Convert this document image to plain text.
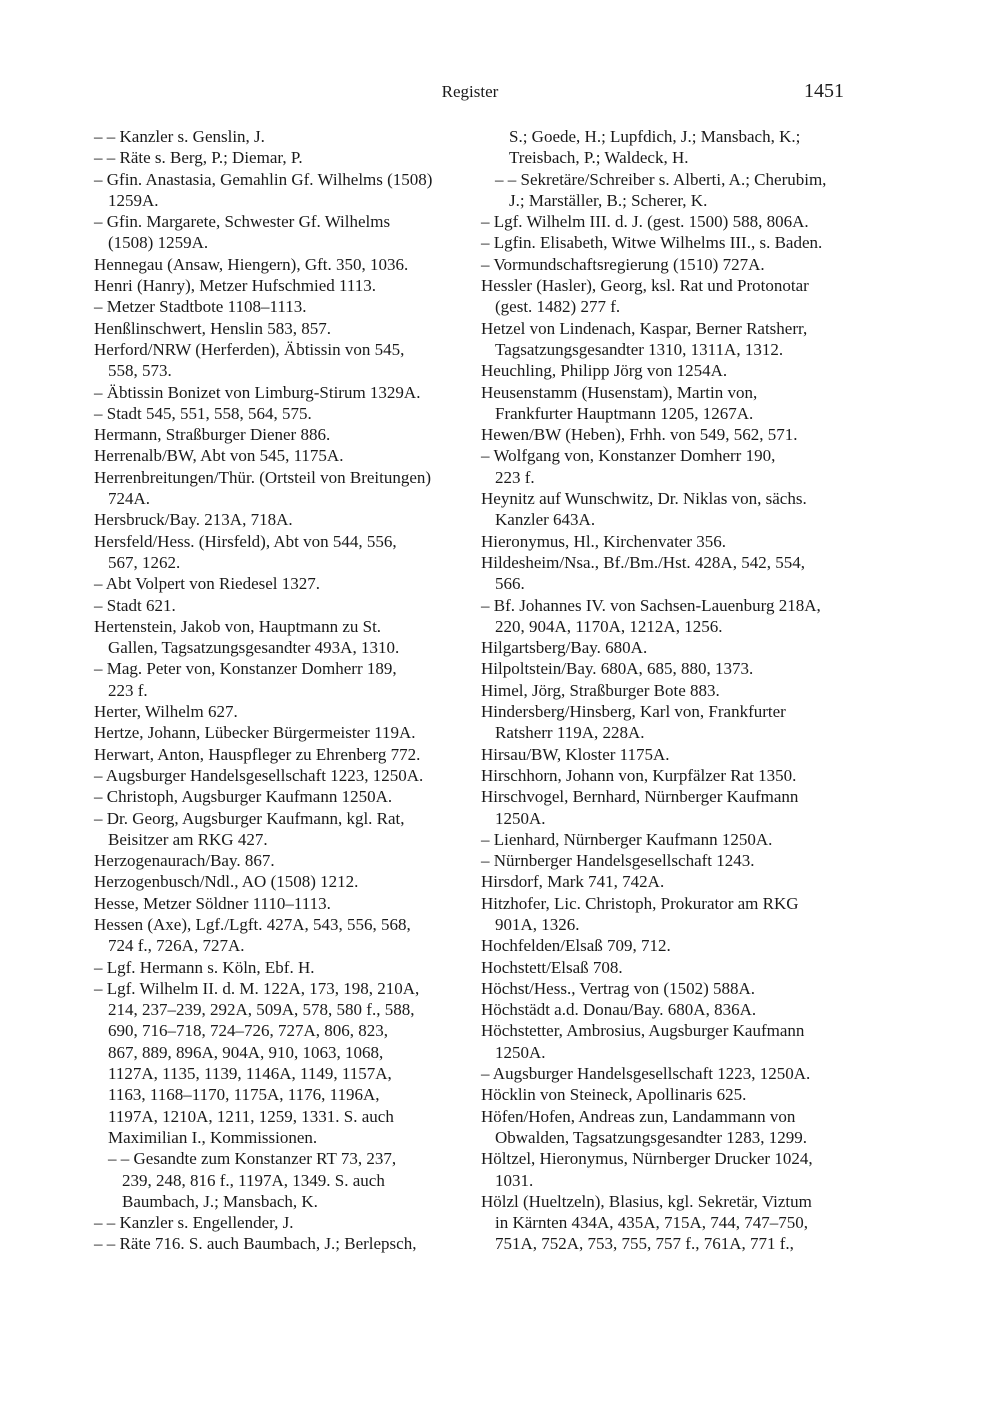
Register	1451
– – Kanzler s. Genslin, J.
– – Räte s. Berg, P.; Diemar, P.
– Gfin. Anastasia, Gemahlin Gf. Wilhelms (1508)
1259A.
– Gfin. Margarete, Schwester Gf. Wilhelms
(1508) 1259A.
Hennegau (Ansaw, Hiengern), Gft. 350, 1036.
Henri (Hanry), Metzer Hufschmied 1113.
– Metzer Stadtbote 1108–1113.
Henßlinschwert, Henslin 583, 857.
Herford/NRW (Herferden), Äbtissin von 545,
558, 573.
– Äbtissin Bonizet von Limburg-Stirum 1329A.
– Stadt 545, 551, 558, 564, 575.
Hermann, Straßburger Diener 886.
Herrenalb/BW, Abt von 545, 1175A.
Herrenbreitungen/Thür. (Ortsteil von Breitungen)
724A.
Hersbruck/Bay. 213A, 718A.
Hersfeld/Hess. (Hirsfeld), Abt von 544, 556,
567, 1262.
– Abt Volpert von Riedesel 1327.
– Stadt 621.
Hertenstein, Jakob von, Hauptmann zu St.
Gallen, Tagsatzungsgesandter 493A, 1310.
– Mag. Peter von, Konstanzer Domherr 189,
223 f.
Herter, Wilhelm 627.
Hertze, Johann, Lübecker Bürgermeister 119A.
Herwart, Anton, Hauspfleger zu Ehrenberg 772.
– Augsburger Handelsgesellschaft 1223, 1250A.
– Christoph, Augsburger Kaufmann 1250A.
– Dr. Georg, Augsburger Kaufmann, kgl. Rat,
Beisitzer am RKG 427.
Herzogenaurach/Bay. 867.
Herzogenbusch/Ndl., AO (1508) 1212.
Hesse, Metzer Söldner 1110–1113.
Hessen (Axe), Lgf./Lgft. 427A, 543, 556, 568,
724 f., 726A, 727A.
– Lgf. Hermann s. Köln, Ebf. H.
– Lgf. Wilhelm II. d. M. 122A, 173, 198, 210A,
214, 237–239, 292A, 509A, 578, 580 f., 588,
690, 716–718, 724–726, 727A, 806, 823,
867, 889, 896A, 904A, 910, 1063, 1068,
1127A, 1135, 1139, 1146A, 1149, 1157A,
1163, 1168–1170, 1175A, 1176, 1196A,
1197A, 1210A, 1211, 1259, 1331. S. auch
Maximilian I., Kommissionen.
– – Gesandte zum Konstanzer RT 73, 237,
239, 248, 816 f., 1197A, 1349. S. auch
Baumbach, J.; Mansbach, K.
– – Kanzler s. Engellender, J.
– – Räte 716. S. auch Baumbach, J.; Berlepsch,
S.; Goede, H.; Lupfdich, J.; Mansbach, K.;
Treisbach, P.; Waldeck, H.
– – Sekretäre/Schreiber s. Alberti, A.; Cherubim,
J.; Marställer, B.; Scherer, K.
– Lgf. Wilhelm III. d. J. (gest. 1500) 588, 806A.
– Lgfin. Elisabeth, Witwe Wilhelms III., s. Baden.
– Vormundschaftsregierung (1510) 727A.
Hessler (Hasler), Georg, ksl. Rat und Protonotar
(gest. 1482) 277 f.
Hetzel von Lindenach, Kaspar, Berner Ratsherr,
Tagsatzungsgesandter 1310, 1311A, 1312.
Heuchling, Philipp Jörg von 1254A.
Heusenstamm (Husenstam), Martin von,
Frankfurter Hauptmann 1205, 1267A.
Hewen/BW (Heben), Frhh. von 549, 562, 571.
– Wolfgang von, Konstanzer Domherr 190,
223 f.
Heynitz auf Wunschwitz, Dr. Niklas von, sächs.
Kanzler 643A.
Hieronymus, Hl., Kirchenvater 356.
Hildesheim/Nsa., Bf./Bm./Hst. 428A, 542, 554,
566.
– Bf. Johannes IV. von Sachsen-Lauenburg 218A,
220, 904A, 1170A, 1212A, 1256.
Hilgartsberg/Bay. 680A.
Hilpoltstein/Bay. 680A, 685, 880, 1373.
Himel, Jörg, Straßburger Bote 883.
Hindersberg/Hinsberg, Karl von, Frankfurter
Ratsherr 119A, 228A.
Hirsau/BW, Kloster 1175A.
Hirschhorn, Johann von, Kurpfälzer Rat 1350.
Hirschvogel, Bernhard, Nürnberger Kaufmann
1250A.
– Lienhard, Nürnberger Kaufmann 1250A.
– Nürnberger Handelsgesellschaft 1243.
Hirsdorf, Mark 741, 742A.
Hitzhofer, Lic. Christoph, Prokurator am RKG
901A, 1326.
Hochfelden/Elsaß 709, 712.
Hochstett/Elsaß 708.
Höchst/Hess., Vertrag von (1502) 588A.
Höchstädt a.d. Donau/Bay. 680A, 836A.
Höchstetter, Ambrosius, Augsburger Kaufmann
1250A.
– Augsburger Handelsgesellschaft 1223, 1250A.
Höcklin von Steineck, Apollinaris 625.
Höfen/Hofen, Andreas zun, Landammann von
Obwalden, Tagsatzungsgesandter 1283, 1299.
Höltzel, Hieronymus, Nürnberger Drucker 1024,
1031.
Hölzl (Hueltzeln), Blasius, kgl. Sekretär, Viztum
in Kärnten 434A, 435A, 715A, 744, 747–750,
751A, 752A, 753, 755, 757 f., 761A, 771 f.,
